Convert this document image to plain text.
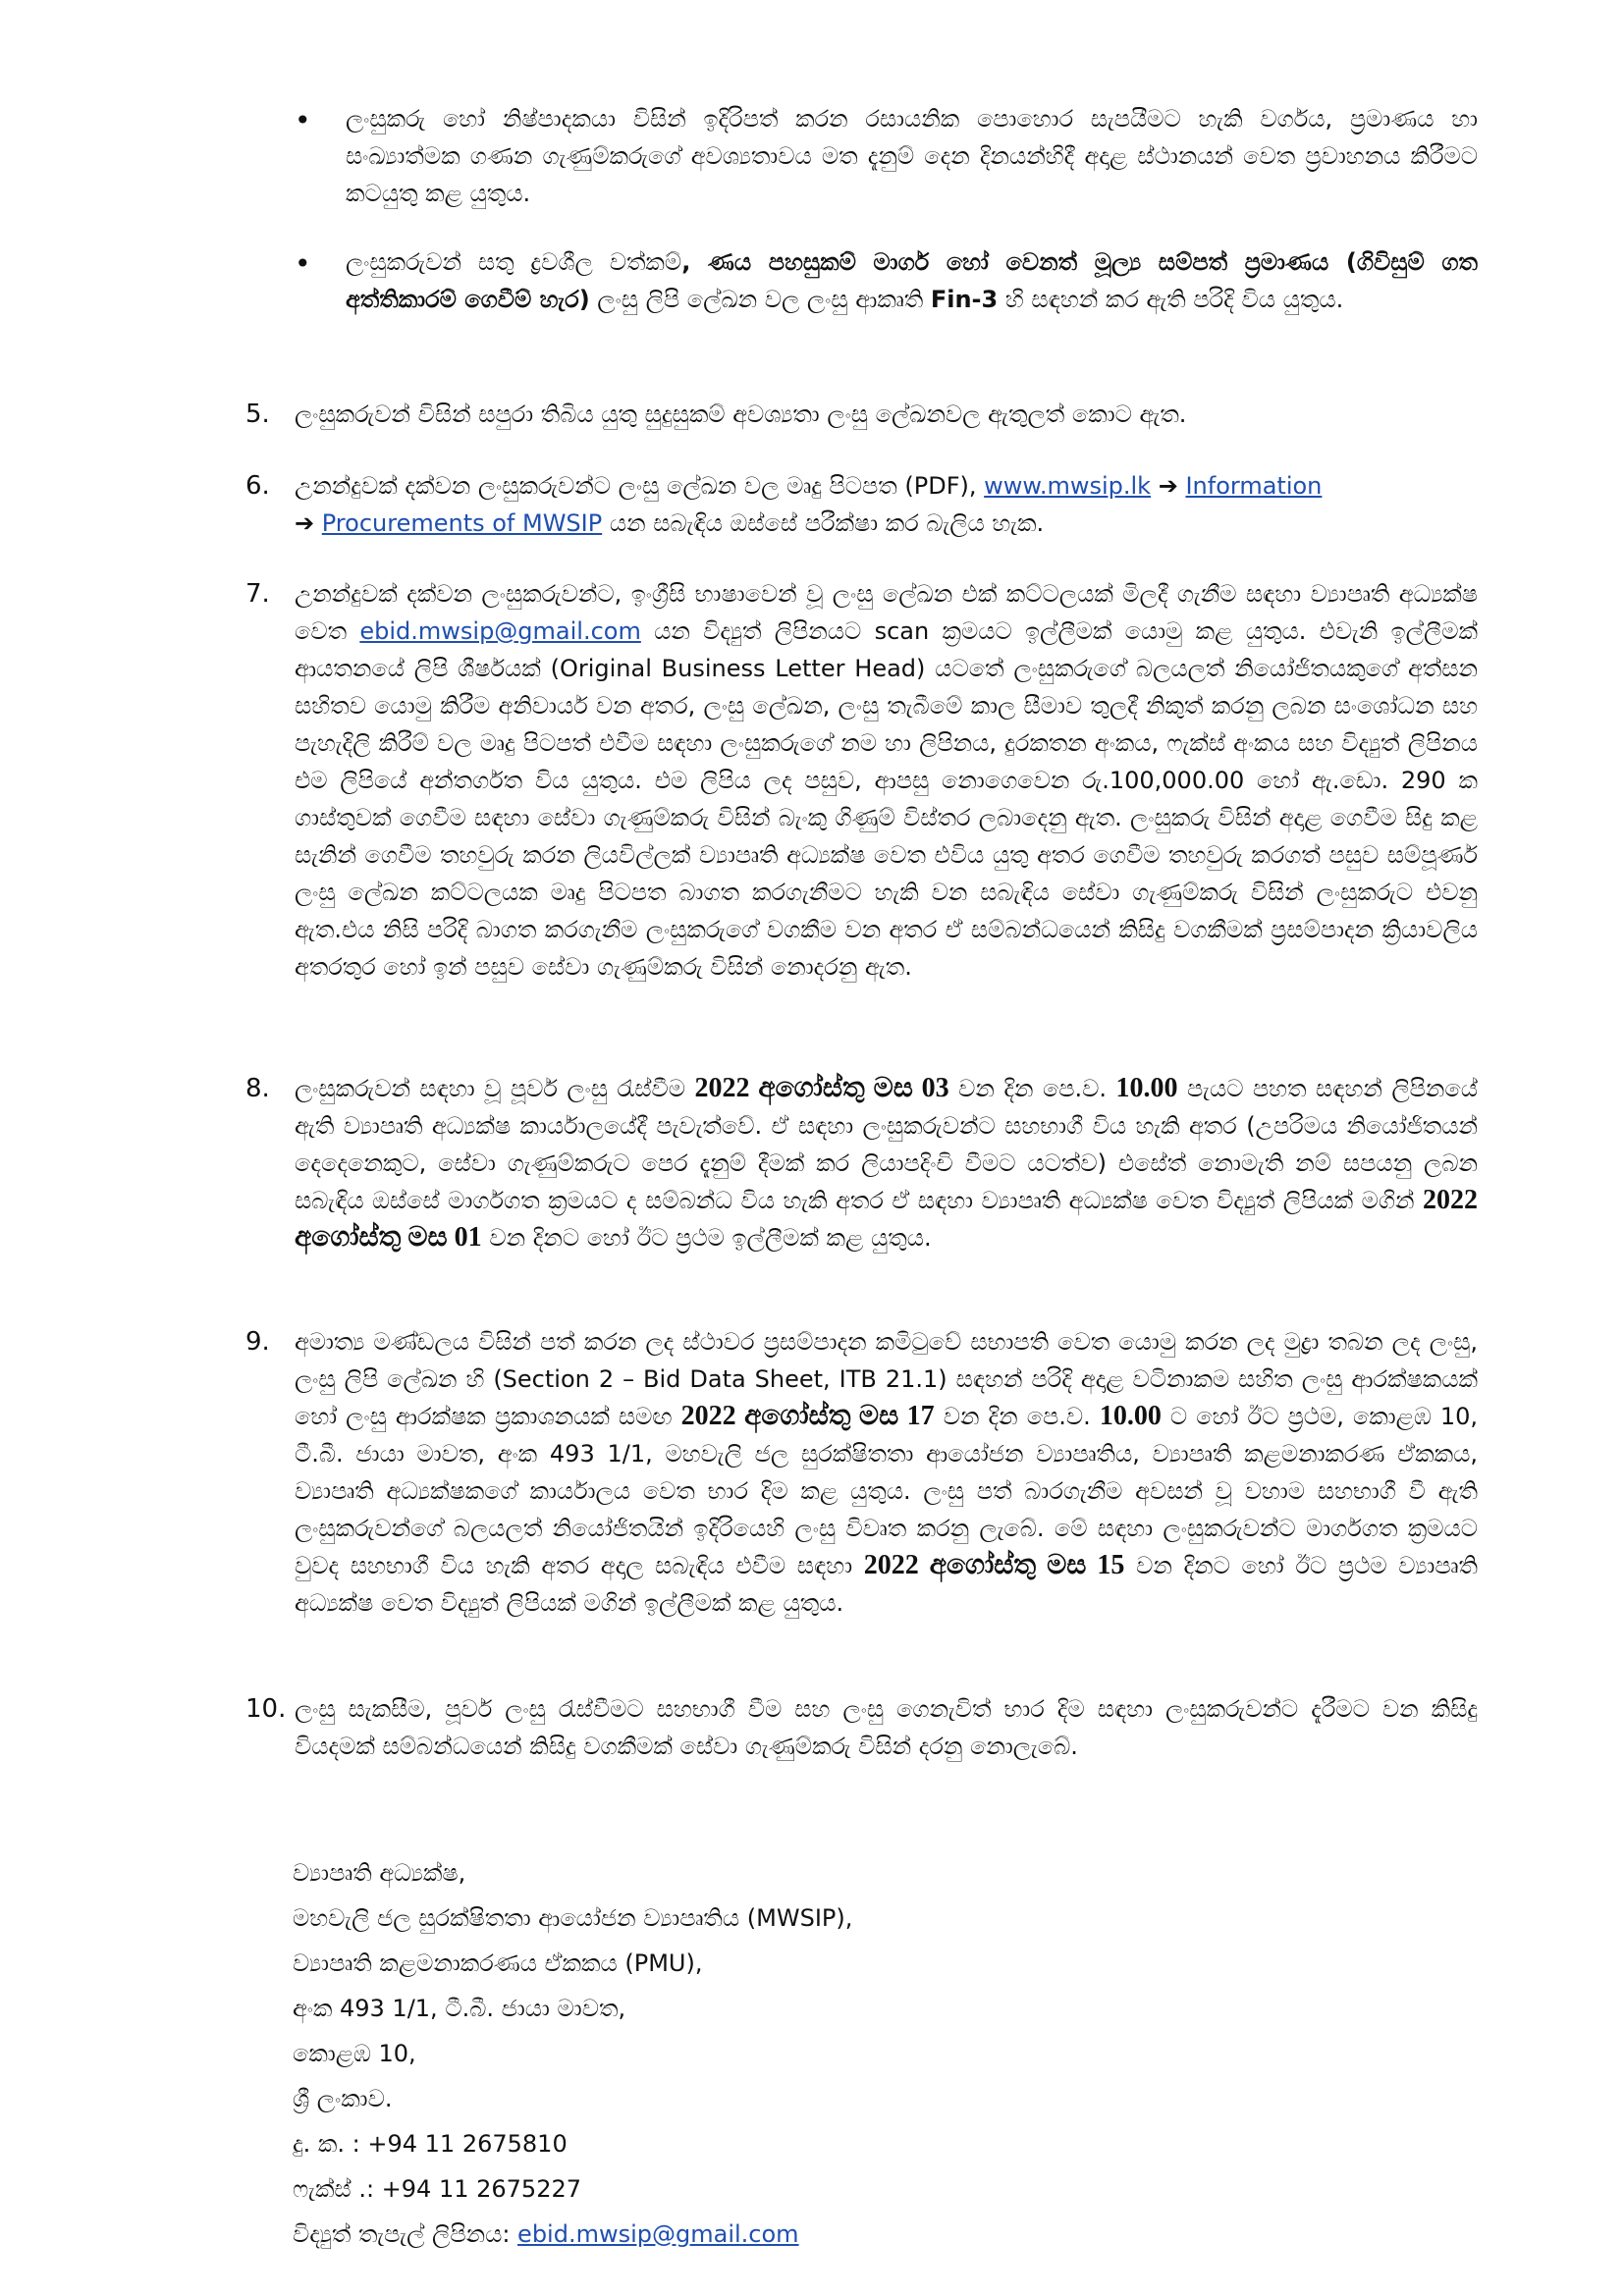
• ලංසුකරු හෝ නිෂ්පාදකයා විසින් ඉදිරිපත් කරන රසායනික පොහොර සැපයීමට හැකි වර්ගය, ප්‍රමාණය හා සංඛ්‍යාත්මක ගණන ගැණුම්කරුගේ අවශ්‍යතාවය මත දැනුම් දෙන දිනයන්හිදී අදාළ ස්ථානයන් වෙත ප්‍රවාහනය කිරීමට කටයුතු කළ යුතුය.
• ලංසුකරුවන් සතු ද්‍රවශීල වත්කම්, ණය පහසුකම් මාර්ග හෝ වෙනත් මූල්‍ය සම්පත් ප්‍රමාණය (ගිවිසුම් ගත අත්තිකාරම් ගෙවීම් හැර) ලංසු ලිපි ලේඛන වල ලංසු ආකෘති Fin-3 හි සඳහන් කර ඇති පරිදි විය යුතුය.
5. ලංසුකරුවන් විසින් සපුරා තිබිය යුතු සුදුසුකම් අවශ්‍යතා ලංසු ලේඛනවල ඇතුලත් කොට ඇත.
6. උනන්දුවක් දක්වන ලංසුකරුවන්ට ලංසු ලේඛන වල මෘදු පිටපත (PDF), www.mwsip.lk ➔ Information
➔ Procurements of MWSIP යන සබැඳිය ඔස්සේ පරීක්ෂා කර බැලිය හැක.
7. උනන්දුවක් දක්වන ලංසුකරුවන්ට, ඉංග්‍රීසි භාෂාවෙන් වූ ලංසු ලේඛන එක් කට්ටලයක් මිලදී ගැනීම සඳහා ව්‍යාපෘති අධ්‍යක්ෂ වෙත ebid.mwsip@gmail.com යන විද්‍යුත් ලිපිනයට scan ක්‍රමයට ඉල්ලීමක් යොමු කළ යුතුය. එවැනි ඉල්ලීමක් ආයතනයේ ලිපි ශීර්ෂයක් (Original Business Letter Head) යටතේ ලංසුකරුගේ බලයලත් නියෝජිතයකුගේ අත්සන සහිතව යොමු කිරීම අනිවාර්ය වන අතර, ලංසු ලේඛන, ලංසු තැබීමේ කාල සීමාව තුලදී නිකුත් කරනු ලබන සංශෝධන සහ පැහැදිලි කිරීම් වල මෘදු පිටපත් එවීම සඳහා ලංසුකරුගේ නම හා ලිපිනය, දුරකතන අංකය, ෆැක්ස් අංකය සහ විද්‍යුත් ලිපිනය එම ලිපියේ අන්තර්ගත විය යුතුය. එම ලිපිය ලද පසුව, ආපසු නොගෙවෙන රු.100,000.00 හෝ ඇ.ඩො. 290 ක ගාස්තුවක් ගෙවීම සඳහා සේවා ගැණුම්කරු විසින් බැංකු ගිණුම් විස්තර ලබාදෙනු ඇත. ලංසුකරු විසින් අදාළ ගෙවීම සිදු කළ සැනින් ගෙවීම තහවුරු කරන ලියවිල්ලක් ව්‍යාපෘති අධ්‍යක්ෂ වෙත එවිය යුතු අතර ගෙවීම තහවුරු කරගත් පසුව සම්පූර්ණ ලංසු ලේඛන කට්ටලයක මෘදු පිටපත බාගත කරගැනීමට හැකි වන සබැඳිය සේවා ගැණුම්කරු විසින් ලංසුකරුට එවනු ඇත.එය නිසි පරිදි බාගත කරගැනීම ලංසුකරුගේ වගකීම වන අතර ඒ සම්බන්ධයෙන් කිසිදු වගකීමක් ප්‍රසම්පාදන ක්‍රියාවලිය අතරතුර හෝ ඉන් පසුව සේවා ගැණුම්කරු විසින් නොදරනු ඇත.
8. ලංසුකරුවන් සඳහා වූ පූර්ව ලංසු රැස්වීම 2022 අගෝස්තු මස 03 වන දින පෙ.ව. 10.00 පැයට පහත සඳහන් ලිපිනයේ ඇති ව්‍යාපෘති අධ්‍යක්ෂ කාර්යාලයේදී පැවැත්වේ. ඒ සඳහා ලංසුකරුවන්ට සහභාගී විය හැකි අතර (උපරිමය නියෝජිතයන් දෙදෙනෙකුට, සේවා ගැණුම්කරුට පෙර දැනුම් දීමක් කර ලියාපදිංචි වීමට යටත්ව) එසේත් නොමැති නම් සපයනු ලබන සබැඳිය ඔස්සේ මාර්ගගත ක්‍රමයට ද සම්බන්ධ විය හැකි අතර ඒ සඳහා ව්‍යාපෘති අධ්‍යක්ෂ වෙත විද්‍යුත් ලිපියක් මගින් 2022 අගෝස්තු මස 01 වන දිනට හෝ ඊට ප්‍රථම ඉල්ලීමක් කළ යුතුය.
9. අමාත්‍ය මණ්ඩලය විසින් පත් කරන ලද ස්ථාවර ප්‍රසම්පාදන කමිටුවේ සභාපති වෙත යොමු කරන ලද මුද්‍රා තබන ලද ලංසු, ලංසු ලිපි ලේඛන හි (Section 2 – Bid Data Sheet, ITB 21.1) සඳහන් පරිදි අදාළ වටිනාකම සහිත ලංසු ආරක්ෂකයක් හෝ ලංසු ආරක්ෂක ප්‍රකාශනයක් සමඟ 2022 අගෝස්තු මස 17 වන දින පෙ.ව. 10.00 ට හෝ ඊට ප්‍රථම, කොළඹ 10, ටී.බී. ජායා මාවත, අංක 493 1/1, මහවැලි ජල සුරක්ෂිතතා ආයෝජන ව්‍යාපෘතිය, ව්‍යාපෘති කළමනාකරණ ඒකකය, ව්‍යාපෘති අධ්‍යක්ෂකගේ කාර්යාලය වෙත භාර දිම කළ යුතුය. ලංසු පත් බාරගැනීම අවසන් වූ වහාම සහභාගී වී ඇති ලංසුකරුවන්ගේ බලයලත් නියෝජිතයින් ඉදිරියෙහි ලංසු විවෘත කරනු ලැබේ. මේ සඳහා ලංසුකරුවන්ට මාර්ගගත ක්‍රමයට වුවද සහභාගී විය හැකි අතර අදාල සබැඳිය එවීම සඳහා 2022 අගෝස්තු මස 15 වන දිනට හෝ ඊට ප්‍රථම ව්‍යාපෘති අධ්‍යක්ෂ වෙත විද්‍යුත් ලිපියක් මගින් ඉල්ලීමක් කළ යුතුය.
10. ලංසු සැකසීම, පූර්ව ලංසු රැස්වීමට සහභාගී වීම සහ ලංසු ගෙනැවිත් භාර දිම සඳහා ලංසුකරුවන්ට දැරීමට වන කිසිදු වියදමක් සම්බන්ධයෙන් කිසිදු වගකීමක් සේවා ගැණුම්කරු විසින් දරනු නොලැබේ.
ව්‍යාපෘති අධ්‍යක්ෂ,
මහවැලි ජල සුරක්ෂිතතා ආයෝජන ව්‍යාපෘතිය (MWSIP),
ව්‍යාපෘති කළමනාකරණය ඒකකය (PMU),
අංක 493 1/1, ටී.බී. ජායා මාවත,
කොළඹ 10,
ශ්‍රී ලංකාව.
දු. ක. : +94 11 2675810
ෆැක්ස් .: +94 11 2675227
විද්‍යුත් තැපැල් ලිපිනය: ebid.mwsip@gmail.com
